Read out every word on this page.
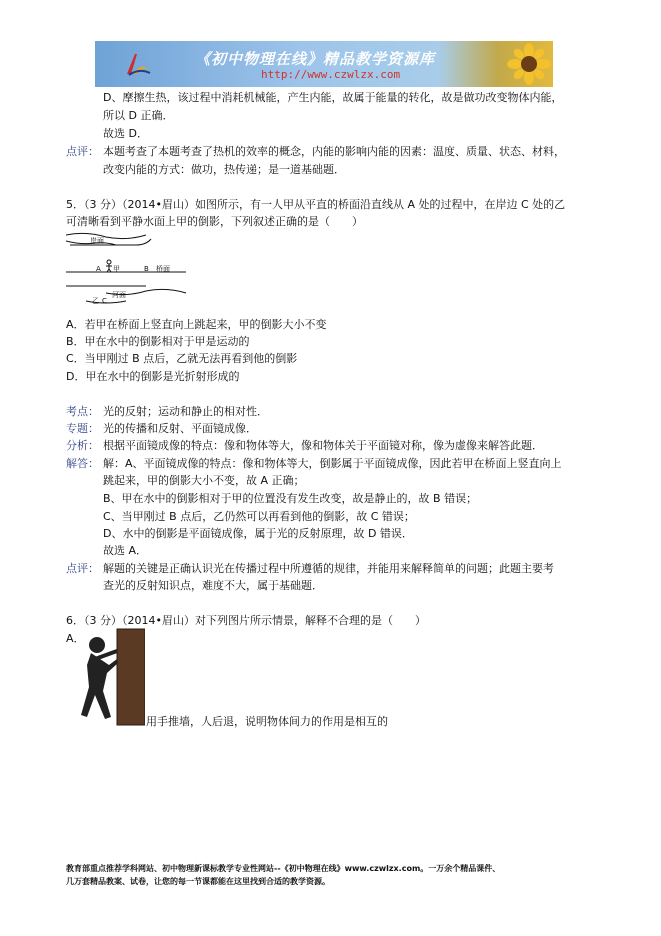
《初中物理在线》精品教学资源库
http://www.czwlzx.com
D、摩擦生热，该过程中消耗机械能，产生内能，故属于能量的转化，故是做功改变物体内能，
所以 D 正确．
故选 D．
点评： 本题考查了本题考查了热机的效率的概念，内能的影响内能的因素：温度、质量、状态、材料，
改变内能的方式：做功，热传递；是一道基础题．
5．（3 分）（2014•眉山）如图所示，有一人甲从平直的桥面沿直线从 A 处的过程中，在岸边 C 处的乙
可清晰看到平静水面上甲的倒影，下列叙述正确的是（　　）
岸面
A 甲	B 桥面
河面
乙 C
A．若甲在桥面上竖直向上跳起来，甲的倒影大小不变
B．甲在水中的倒影相对于甲是运动的
C．当甲刚过 B 点后，乙就无法再看到他的倒影
D．甲在水中的倒影是光折射形成的
考点： 光的反射；运动和静止的相对性．
专题： 光的传播和反射、平面镜成像．
分析： 根据平面镜成像的特点：像和物体等大，像和物体关于平面镜对称，像为虚像来解答此题．
解答： 解：A、平面镜成像的特点：像和物体等大，倒影属于平面镜成像，因此若甲在桥面上竖直向上
跳起来，甲的倒影大小不变，故 A 正确；
B、甲在水中的倒影相对于甲的位置没有发生改变，故是静止的，故 B 错误；
C、当甲刚过 B 点后，乙仍然可以再看到他的倒影，故 C 错误；
D、水中的倒影是平面镜成像，属于光的反射原理，故 D 错误．
故选 A．
点评： 解题的关键是正确认识光在传播过程中所遵循的规律，并能用来解释简单的问题；此题主要考
查光的反射知识点，难度不大，属于基础题．
6．（3 分）（2014•眉山）对下列图片所示情景，解释不合理的是（　　）
A．
用手推墙，人后退，说明物体间力的作用是相互的
教育部重点推荐学科网站、初中物理新课标教学专业性网站--《初中物理在线》www.czwlzx.com。一万余个精品课件、
几万套精品教案、试卷，让您的每一节课都能在这里找到合适的教学资源。
